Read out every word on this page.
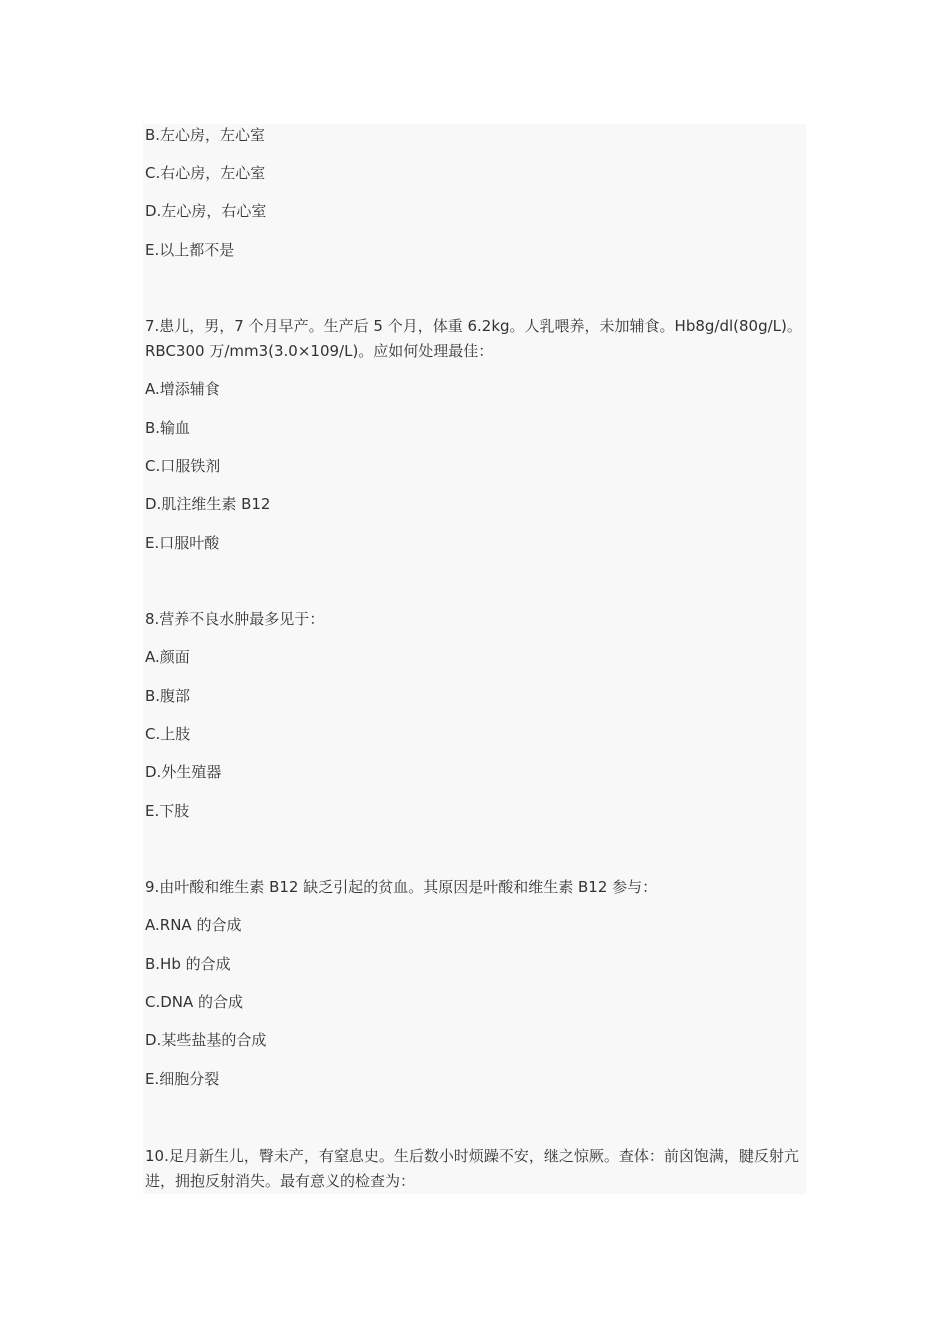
B.左心房，左心室
C.右心房，左心室
D.左心房，右心室
E.以上都不是
7.患儿，男，7 个月早产。生产后 5 个月，体重 6.2kg。人乳喂养，未加辅食。Hb8g/dl(80g/L)。RBC300 万/mm3(3.0×109/L)。应如何处理最佳：
A.增添辅食
B.输血
C.口服铁剂
D.肌注维生素 B12
E.口服叶酸
8.营养不良水肿最多见于：
A.颜面
B.腹部
C.上肢
D.外生殖器
E.下肢
9.由叶酸和维生素 B12 缺乏引起的贫血。其原因是叶酸和维生素 B12 参与：
A.RNA 的合成
B.Hb 的合成
C.DNA 的合成
D.某些盐基的合成
E.细胞分裂
10.足月新生儿，臀未产，有窒息史。生后数小时烦躁不安，继之惊厥。查体：前囟饱满，腱反射亢进，拥抱反射消失。最有意义的检查为：
